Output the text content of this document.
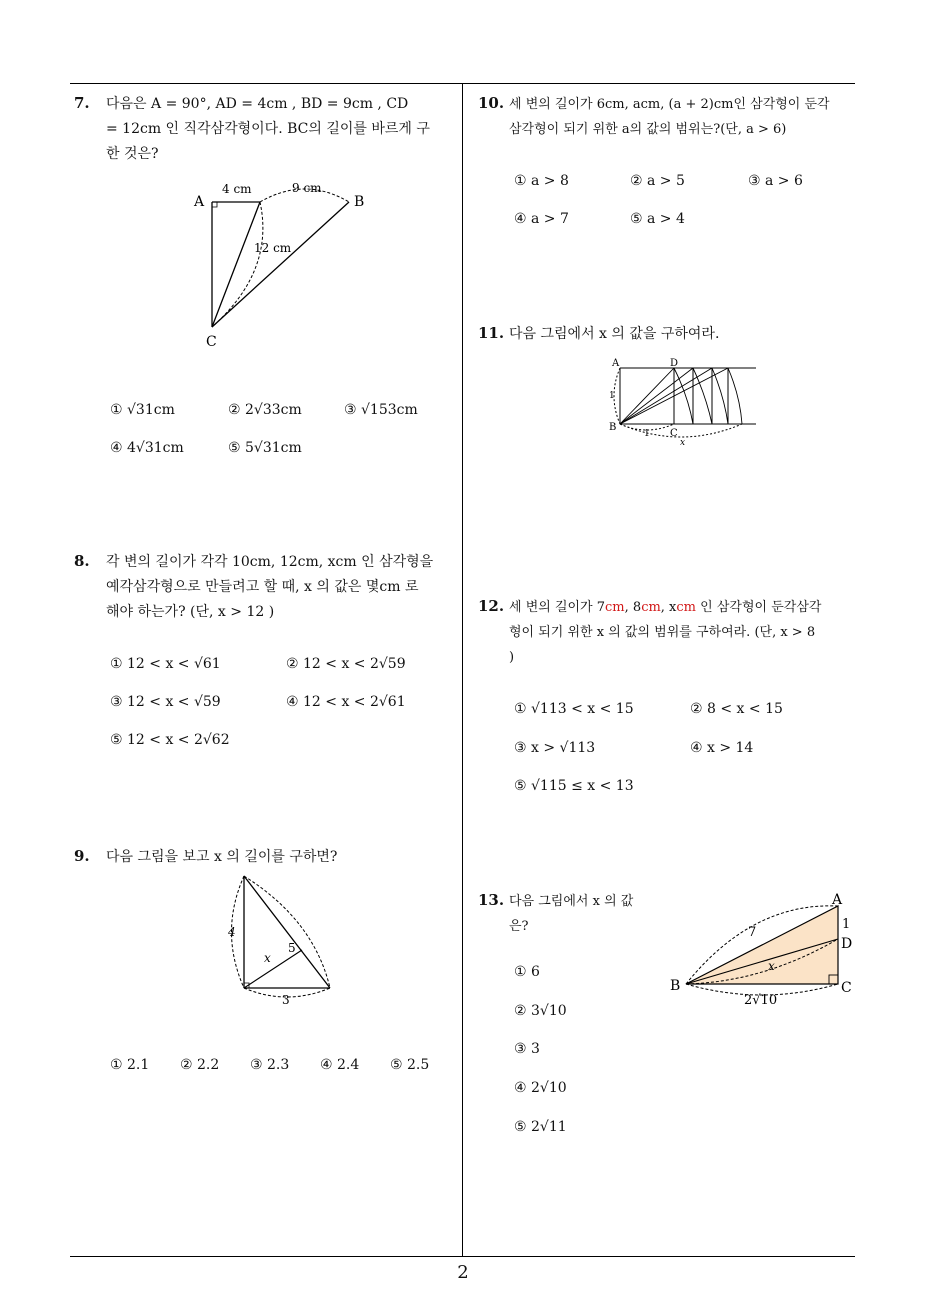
7. 다음은 A = 90°, AD = 4cm , BD = 9cm , CD
= 12cm 인 직각삼각형이다. BC의 길이를 바르게 구
한 것은?
A	B
C
4 cm	9 cm
12 cm
① √31cm	② 2√33cm	③ √153cm
④ 4√31cm	⑤ 5√31cm
8. 각 변의 길이가 각각 10cm, 12cm, xcm 인 삼각형을
예각삼각형으로 만들려고 할 때, x 의 값은 몇cm 로
해야 하는가? (단, x > 12 )
① 12 < x < √61	② 12 < x < 2√59
③ 12 < x < √59	④ 12 < x < 2√61
⑤ 12 < x < 2√62
9. 다음 그림을 보고 x 의 길이를 구하면?
4
3
5
x
① 2.1 ② 2.2 ③ 2.3 ④ 2.4 ⑤ 2.5
10. 세 변의 길이가 6cm, acm, (a + 2)cm인 삼각형이 둔각
삼각형이 되기 위한 a의 값의 범위는?(단, a > 6)
① a > 8	② a > 5	③ a > 6
④ a > 7	⑤ a > 4
11. 다음 그림에서 x 의 값을 구하여라.
A	D
B
C
1
1
x
12. 세 변의 길이가 7cm, 8cm, xcm 인 삼각형이 둔각삼각
형이 되기 위한 x 의 값의 범위를 구하여라. (단, x > 8
)
① √113 < x < 15	② 8 < x < 15
③ x > √113	④ x > 14
⑤ √115 ≤ x < 13
13. 다음 그림에서 x 의 값
은?
A
D
B	C
7
1
2√10
x
① 6
② 3√10
③ 3
④ 2√10
⑤ 2√11
2
